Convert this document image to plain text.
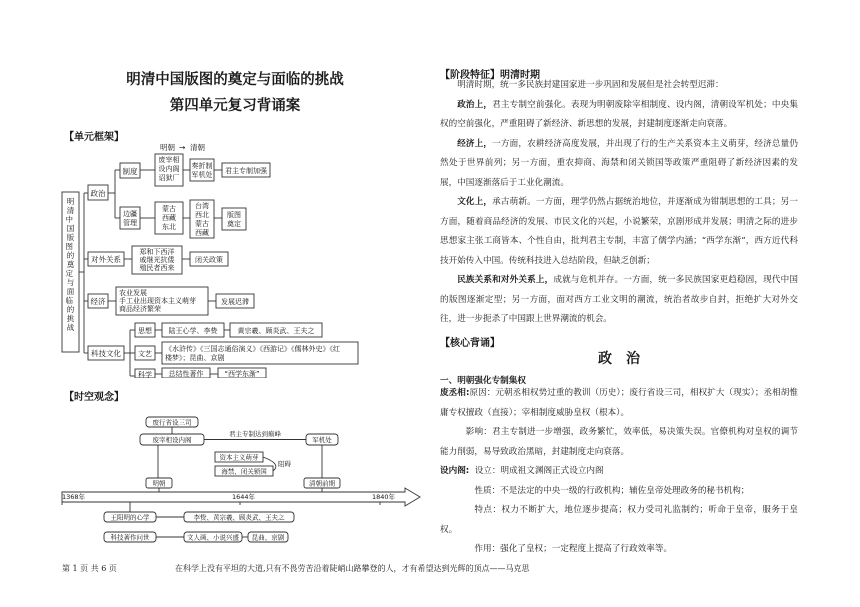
明清中国版图的奠定与面临的挑战
第四单元复习背诵案
【单元框架】
明清中 国版图 的奠定 与面临 的挑战
政治
制度
明朝 → 清朝
废宰相设内阁诏狱厂
奏折制军机处 君主专制加强
边疆管理
蒙古西藏东北
台湾西北蒙古西藏
版图奠定
对外关系
郑和下西洋戚继光抗倭殖民者西来
闭关政策
经济
农业发展 手工业出现资本主义萌芽 商品经济繁荣
发展迟滞
科技文化
思想 陆王心学、李贽	黄宗羲、顾炎武、王夫之
文艺
《水浒传》《三国志通俗演义》《西游记》《儒林外史》《红 楼梦》；昆曲、京剧
科学 总结性著作	“西学东渐”
【时空观念】
废行省设三司
废宰相设内阁
君主专制达到巅峰
军机处
资本主义萌芽
海禁、闭关锁国
阻碍
明朝	清朝前期
1368年	1644年	1840年
王阳明的心学	李贽、黄宗羲、顾炎武、王夫之
科技著作问世	文人画、小说兴盛 昆曲、京剧
【阶段特征】明清时期

明清时期，统一多民族封建国家进一步巩固和发展但是社会转型迟滞：

政治上，君主专制空前强化。表现为明朝废除宰相制度、设内阁，清朝设军机处；中央集权的空前强化，严重阻碍了新经济、新思想的发展，封建制度逐渐走向衰落。

经济上，一方面，农耕经济高度发展，并出现了行的生产关系资本主义萌芽，经济总量仍然处于世界前列；另一方面，重农抑商、海禁和闭关锁国等政策严重阻碍了新经济因素的发展，中国逐渐落后于工业化潮流。

文化上，承古萌新。一方面，理学仍然占据统治地位，并逐渐成为钳制思想的工具；另一方面，随着商品经济的发展、市民文化的兴起，小说繁荣，京剧形成并发展；明清之际的进步思想家主张工商皆本、个性自由，批判君主专制，丰富了儒学内涵；“西学东渐”，西方近代科技开始传入中国。传统科技进入总结阶段，但缺乏创新；

民族关系和对外关系上，成就与危机并存。一方面，统一多民族国家更趋稳固，现代中国的版图逐渐定型；另一方面，面对西方工业文明的潮流，统治者故步自封，拒绝扩大对外交往，进一步扼杀了中国跟上世界潮流的机会。

【核心背诵】
政　治
一、明朝强化专制集权

废丞相:原因：元朝丞相权势过重的教训（历史）；废行省设三司，相权扩大（现实）；丞相胡惟庸专权擅政（直接）；宰相制度威胁皇权（根本）。

影响：君主专制进一步增强，政务繁忙，效率低，易决策失误。官僚机构对皇权的调节能力削弱，易导致政治黑暗，封建制度走向衰落。

设内阁: 设立：明成祖文渊阁正式设立内阁

性质：不是法定的中央一级的行政机构；辅佐皇帝处理政务的秘书机构；

特点：权力不断扩大，地位逐步提高；权力受司礼监制约；听命于皇帝，服务于皇权。

作用：强化了皇权；一定程度上提高了行政效率等。

第 1 页 共 6 页	在科学上没有平坦的大道,只有不畏劳苦沿着陡峭山路攀登的人，才有希望达到光辉的顶点——马克思
